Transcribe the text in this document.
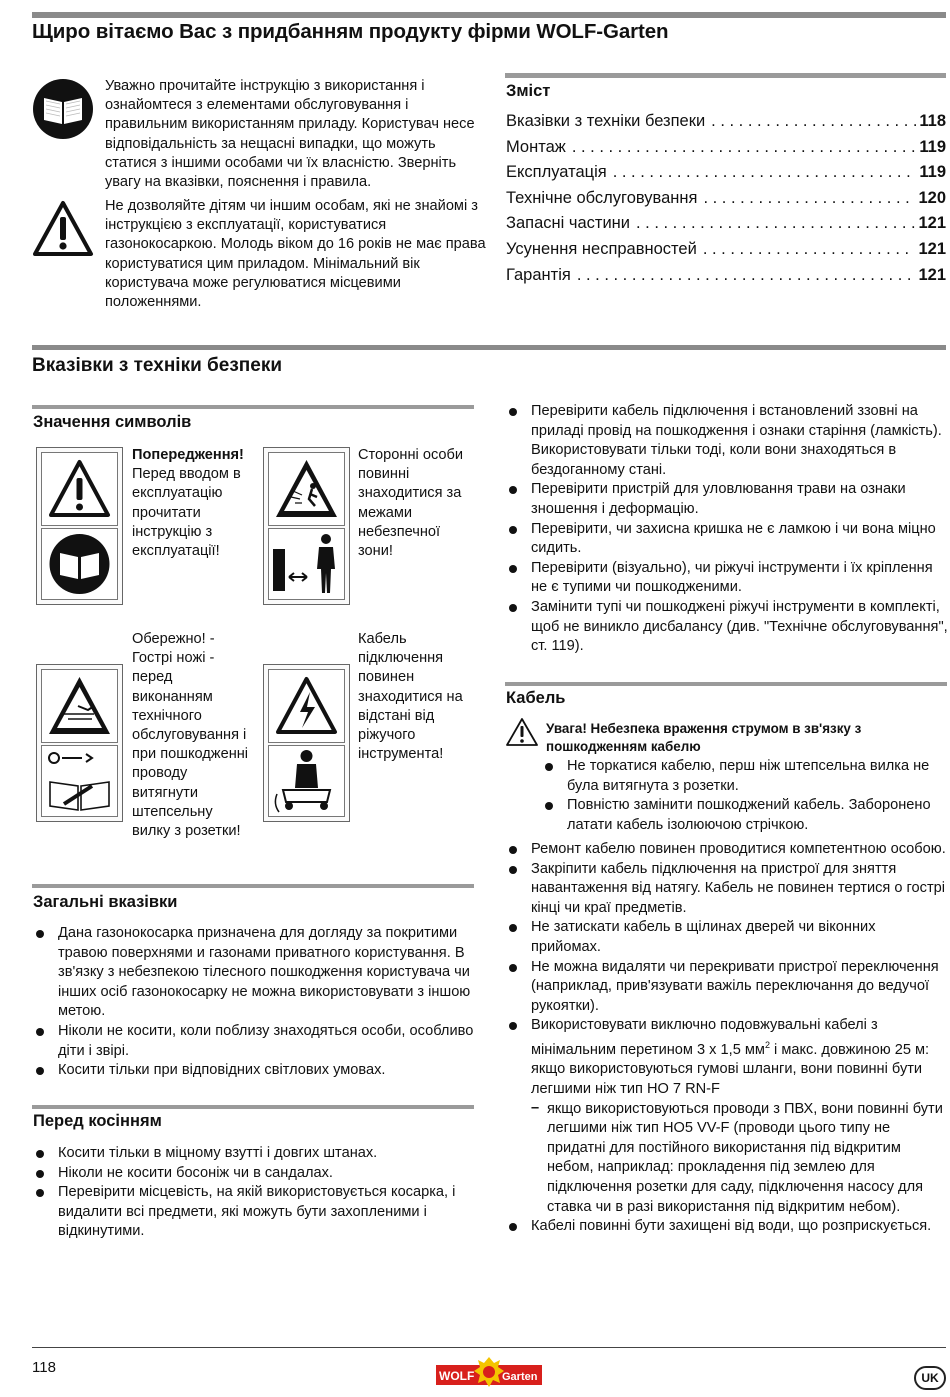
Щиро вітаємо Вас з придбанням продукту фірми WOLF-Garten
Уважно прочитайте інструкцію з використання і ознайомтеся з елементами обслуговування і правильним використанням приладу. Користувач несе відповідальність за нещасні випадки, що можуть статися з іншими особами чи їх власністю. Зверніть увагу на вказівки, пояснення і правила.
Не дозволяйте дітям чи іншим особам, які не знайомі з інструкцією з експлуатації, користуватися газонокосаркою. Молодь віком до 16 років не має права користуватися цим приладом. Мінімальний вік користувача може регулюватися місцевими положеннями.
Зміст
Вказівки з техніки безпеки . . .	118
Монтаж . . .	119
Експлуатація . . .	119
Технічне обслуговування . . .	120
Запасні частини . . .	121
Усунення несправностей . . .	121
Гарантія . . .	121
Вказівки з техніки безпеки
Значення символів
Попередження!
Перед вводом в експлуатацію прочитати інструкцію з експлуатації!
Сторонні особи повинні знаходитися за межами небезпечної зони!
Обережно! - Гострі ножі - перед виконанням технічного обслуговування і при пошкодженні проводу витягнути штепсельну вилку з розетки!
Кабель підключення повинен знаходитися на відстані від ріжучого інструмента!
Загальні вказівки
Дана газонокосарка призначена для догляду за покритими травою поверхнями и газонами приватного користування. В зв'язку з небезпекою тілесного пошкодження користувача чи інших осіб газонокосарку не можна використовувати з іншою метою.
Ніколи не косити, коли поблизу знаходяться особи, особливо діти і звірі.
Косити тільки при відповідних світлових умовах.
Перед косінням
Косити тільки в міцному взутті і довгих штанах.
Ніколи не косити босоніж чи в сандалах.
Перевірити місцевість, на якій використовується косарка, і видалити всі предмети, які можуть бути захопленими і відкинутими.
Перевірити кабель підключення і встановлений ззовні на приладі провід на пошкодження і ознаки старіння (ламкість). Використовувати тільки тоді, коли вони знаходяться в бездоганному стані.
Перевірити пристрій для уловлювання трави на ознаки зношення і деформацію.
Перевірити, чи захисна кришка не є ламкою і чи вона міцно сидить.
Перевірити (візуально), чи ріжучі інструменти і їх кріплення не є тупими чи пошкодженими.
Замінити тупі чи пошкоджені ріжучі інструменти в комплекті, щоб не виникло дисбалансу (див. "Технічне обслуговування", ст. 119).
Кабель
Увага! Небезпека враження струмом в зв'язку з пошкодженням кабелю
Не торкатися кабелю, перш ніж штепсельна вилка не була витягнута з розетки.
Повністю замінити пошкоджений кабель. Заборонено латати кабель ізолюючою стрічкою.
Ремонт кабелю повинен проводитися компетентною особою.
Закріпити кабель підключення на пристрої для зняття навантаження від натягу. Кабель не повинен тертися о гострі кінці чи краї предметів.
Не затискати кабель в щілинах дверей чи віконних прийомах.
Не можна видаляти чи перекривати пристрої переключення (наприклад, прив'язувати важіль переключання до ведучої рукоятки).
Використовувати виключно подовжувальні кабелі з мінімальним перетином 3 x 1,5 $мм^2$ і макс. довжиною 25 м: якщо використовуються гумові шланги, вони повинні бути легшими ніж тип HO 7 RN-F
– якщо використовуються проводи з ПВХ, вони повинні бути легшими ніж тип HO5 VV-F (проводи цього типу не придатні для постійного використання під відкритим небом, наприклад: прокладення під землею для підключення розетки для саду, підключення насосу для ставка чи в разі використання під відкритим небом).
Кабелі повинні бути захищені від води, що розприскується.
118	WOLF	Garten	UK
